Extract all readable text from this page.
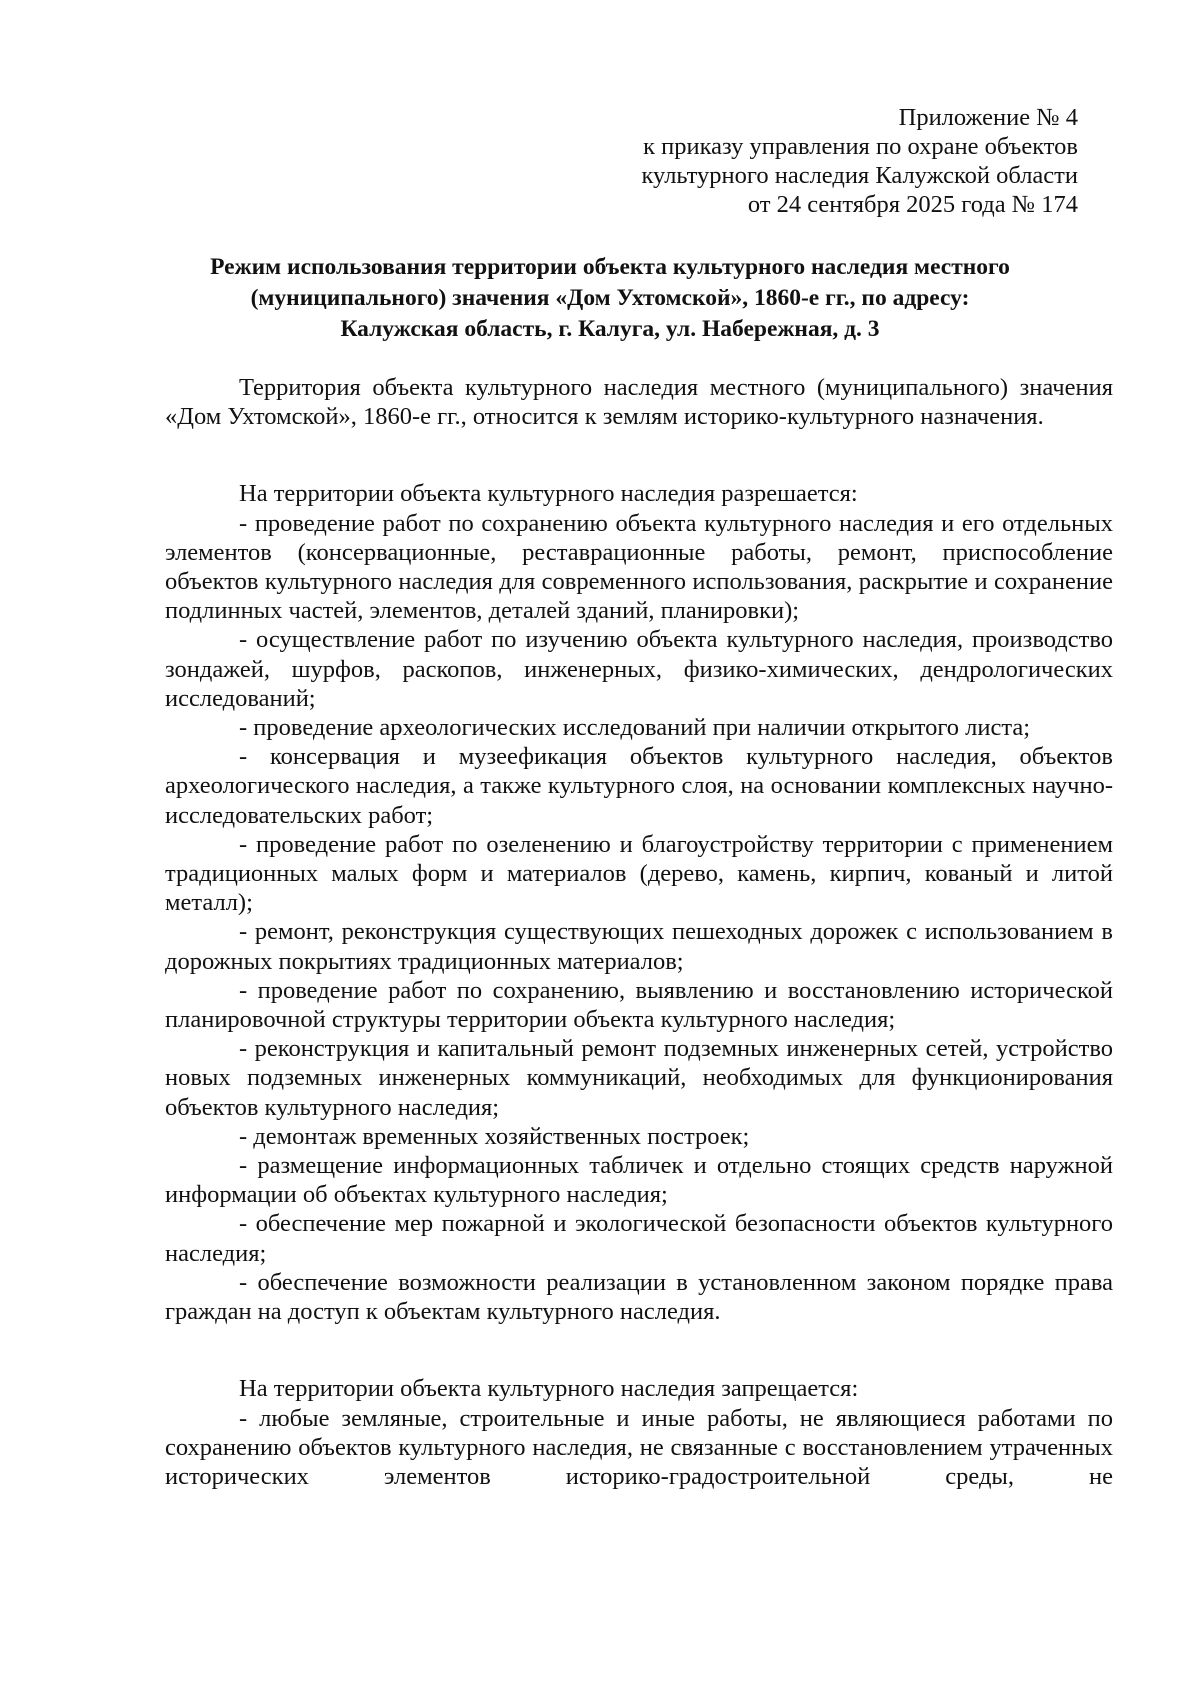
Приложение № 4
к приказу управления по охране объектов
культурного наследия Калужской области
от 24 сентября 2025 года № 174
Режим использования территории объекта культурного наследия местного
(муниципального) значения «Дом Ухтомской», 1860-е гг., по адресу:
Калужская область, г. Калуга, ул. Набережная, д. 3

Территория объекта культурного наследия местного (муниципального) значения «Дом Ухтомской», 1860-е гг., относится к землям историко-культурного назначения.

На территории объекта культурного наследия разрешается:

- проведение работ по сохранению объекта культурного наследия и его отдельных элементов (консервационные, реставрационные работы, ремонт, приспособление объектов культурного наследия для современного использования, раскрытие и сохранение подлинных частей, элементов, деталей зданий, планировки);

- осуществление работ по изучению объекта культурного наследия, производство зондажей, шурфов, раскопов, инженерных, физико-химических, дендрологических исследований;

- проведение археологических исследований при наличии открытого листа;

- консервация и музеефикация объектов культурного наследия, объектов археологического наследия, а также культурного слоя, на основании комплексных научно-исследовательских работ;

- проведение работ по озеленению и благоустройству территории с применением традиционных малых форм и материалов (дерево, камень, кирпич, кованый и литой металл);

- ремонт, реконструкция существующих пешеходных дорожек с использованием в дорожных покрытиях традиционных материалов;

- проведение работ по сохранению, выявлению и восстановлению исторической планировочной структуры территории объекта культурного наследия;

- реконструкция и капитальный ремонт подземных инженерных сетей, устройство новых подземных инженерных коммуникаций, необходимых для функционирования объектов культурного наследия;

- демонтаж временных хозяйственных построек;

- размещение информационных табличек и отдельно стоящих средств наружной информации об объектах культурного наследия;

- обеспечение мер пожарной и экологической безопасности объектов культурного наследия;

- обеспечение возможности реализации в установленном законом порядке права граждан на доступ к объектам культурного наследия.

На территории объекта культурного наследия запрещается:

- любые земляные, строительные и иные работы, не являющиеся работами по сохранению объектов культурного наследия, не связанные с восстановлением утраченных исторических элементов историко-градостроительной среды, не
